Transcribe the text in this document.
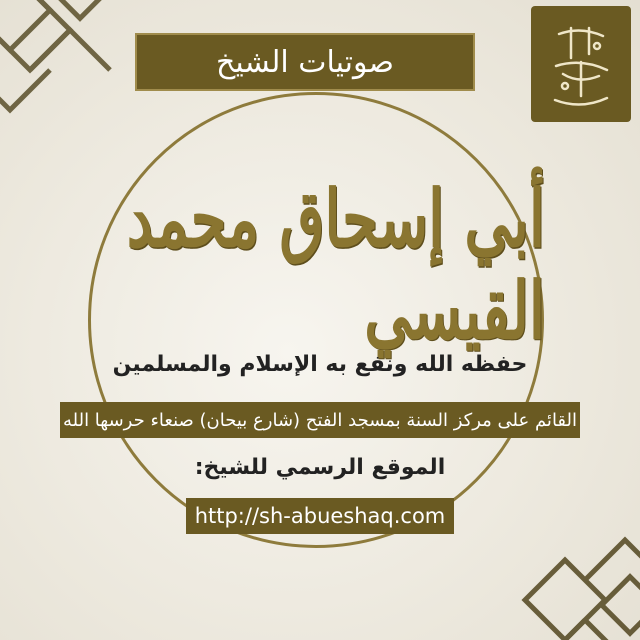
صوتيات الشيخ
أبي إسحاق محمد القيسي
حفظه الله ونفع به الإسلام والمسلمين
القائم على مركز السنة بمسجد الفتح (شارع بيحان) صنعاء حرسها الله
الموقع الرسمي للشيخ:
http://sh-abueshaq.com
